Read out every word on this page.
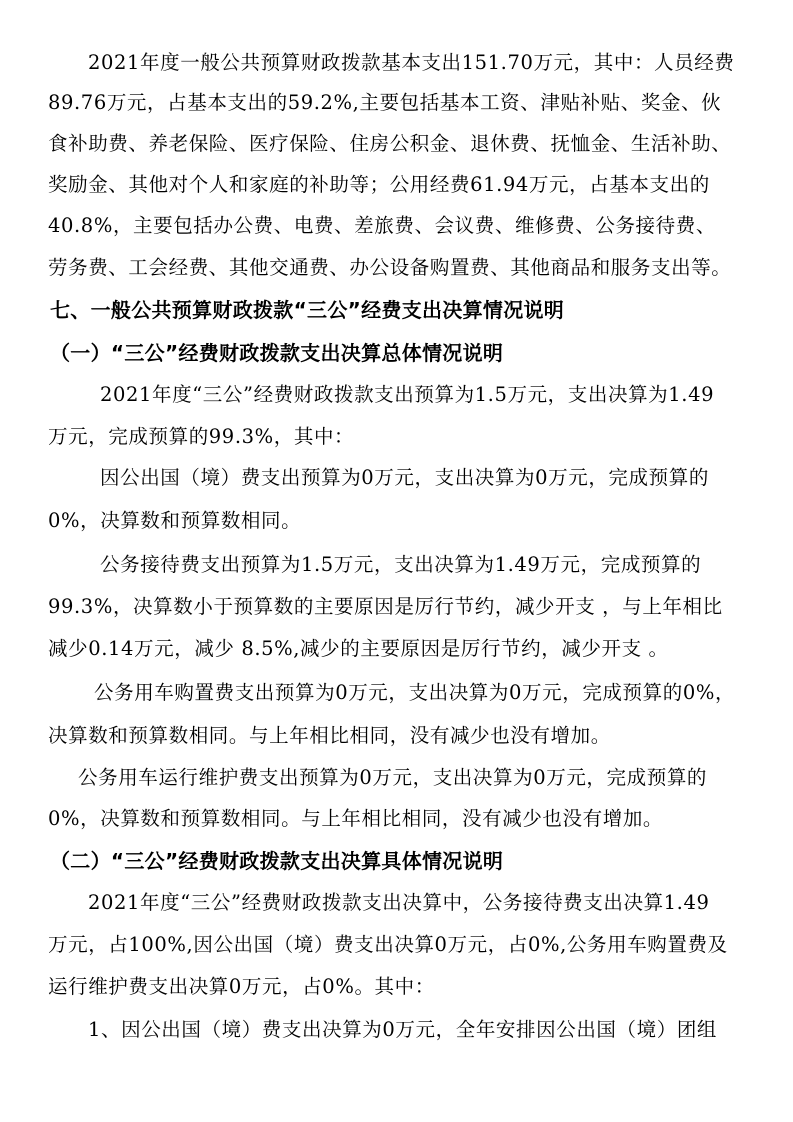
2021年度一般公共预算财政拨款基本支出151.70万元，其中：人员经费
89.76万元，占基本支出的59.2%,主要包括基本工资、津贴补贴、奖金、伙
食补助费、养老保险、医疗保险、住房公积金、退休费、抚恤金、生活补助、
奖励金、其他对个人和家庭的补助等；公用经费61.94万元，占基本支出的
40.8%，主要包括办公费、电费、差旅费、会议费、维修费、公务接待费、
劳务费、工会经费、其他交通费、办公设备购置费、其他商品和服务支出等。
七、一般公共预算财政拨款“三公”经费支出决算情况说明
（一）“三公”经费财政拨款支出决算总体情况说明
2021年度“三公”经费财政拨款支出预算为1.5万元，支出决算为1.49
万元，完成预算的99.3%，其中：
因公出国（境）费支出预算为0万元，支出决算为0万元，完成预算的
0%，决算数和预算数相同。
公务接待费支出预算为1.5万元，支出决算为1.49万元，完成预算的
99.3%，决算数小于预算数的主要原因是厉行节约，减少开支 ，与上年相比
减少0.14万元，减少 8.5%,减少的主要原因是厉行节约，减少开支 。
公务用车购置费支出预算为0万元，支出决算为0万元，完成预算的0%，
决算数和预算数相同。与上年相比相同，没有减少也没有增加。
公务用车运行维护费支出预算为0万元，支出决算为0万元，完成预算的
0%，决算数和预算数相同。与上年相比相同，没有减少也没有增加。
（二）“三公”经费财政拨款支出决算具体情况说明
2021年度“三公”经费财政拨款支出决算中，公务接待费支出决算1.49
万元，占100%,因公出国（境）费支出决算0万元，占0%,公务用车购置费及
运行维护费支出决算0万元，占0%。其中：
1、因公出国（境）费支出决算为0万元，全年安排因公出国（境）团组
